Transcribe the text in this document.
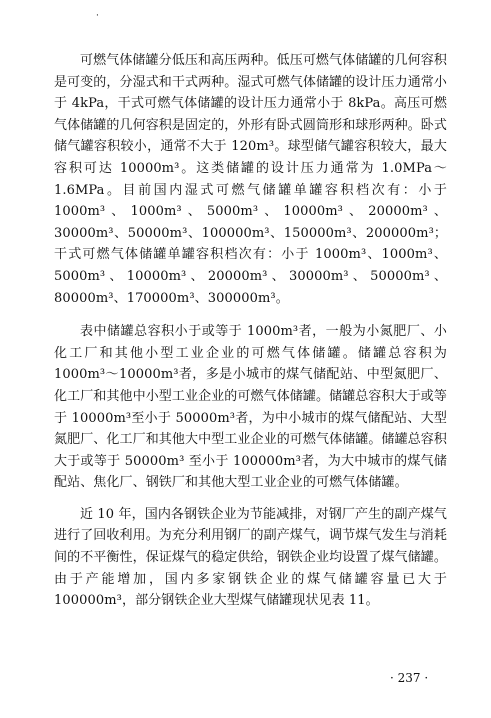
·

可燃气体储罐分低压和高压两种。低压可燃气体储罐的几何容积是可变的，分湿式和干式两种。湿式可燃气体储罐的设计压力通常小于 4kPa，干式可燃气体储罐的设计压力通常小于 8kPa。高压可燃气体储罐的几何容积是固定的，外形有卧式圆筒形和球形两种。卧式储气罐容积较小，通常不大于 120m³。球型储气罐容积较大，最大容积可达 10000m³。这类储罐的设计压力通常为 1.0MPa～1.6MPa。目前国内湿式可燃气储罐单罐容积档次有：小于 1000m³、1000m³、5000m³、10000m³、20000m³、30000m³、50000m³、100000m³、150000m³、200000m³；干式可燃气体储罐单罐容积档次有：小于 1000m³、1000m³、5000m³、10000m³、20000m³、30000m³、50000m³、80000m³、170000m³、300000m³。

表中储罐总容积小于或等于 1000m³者，一般为小氮肥厂、小化工厂和其他小型工业企业的可燃气体储罐。储罐总容积为 1000m³～10000m³者，多是小城市的煤气储配站、中型氮肥厂、化工厂和其他中小型工业企业的可燃气体储罐。储罐总容积大于或等于 10000m³至小于 50000m³者，为中小城市的煤气储配站、大型氮肥厂、化工厂和其他大中型工业企业的可燃气体储罐。储罐总容积大于或等于 50000m³ 至小于 100000m³者，为大中城市的煤气储配站、焦化厂、钢铁厂和其他大型工业企业的可燃气体储罐。

近 10 年，国内各钢铁企业为节能减排，对钢厂产生的副产煤气进行了回收利用。为充分利用钢厂的副产煤气，调节煤气发生与消耗间的不平衡性，保证煤气的稳定供给，钢铁企业均设置了煤气储罐。由于产能增加，国内多家钢铁企业的煤气储罐容量已大于 100000m³，部分钢铁企业大型煤气储罐现状见表 11。

· 237 ·
